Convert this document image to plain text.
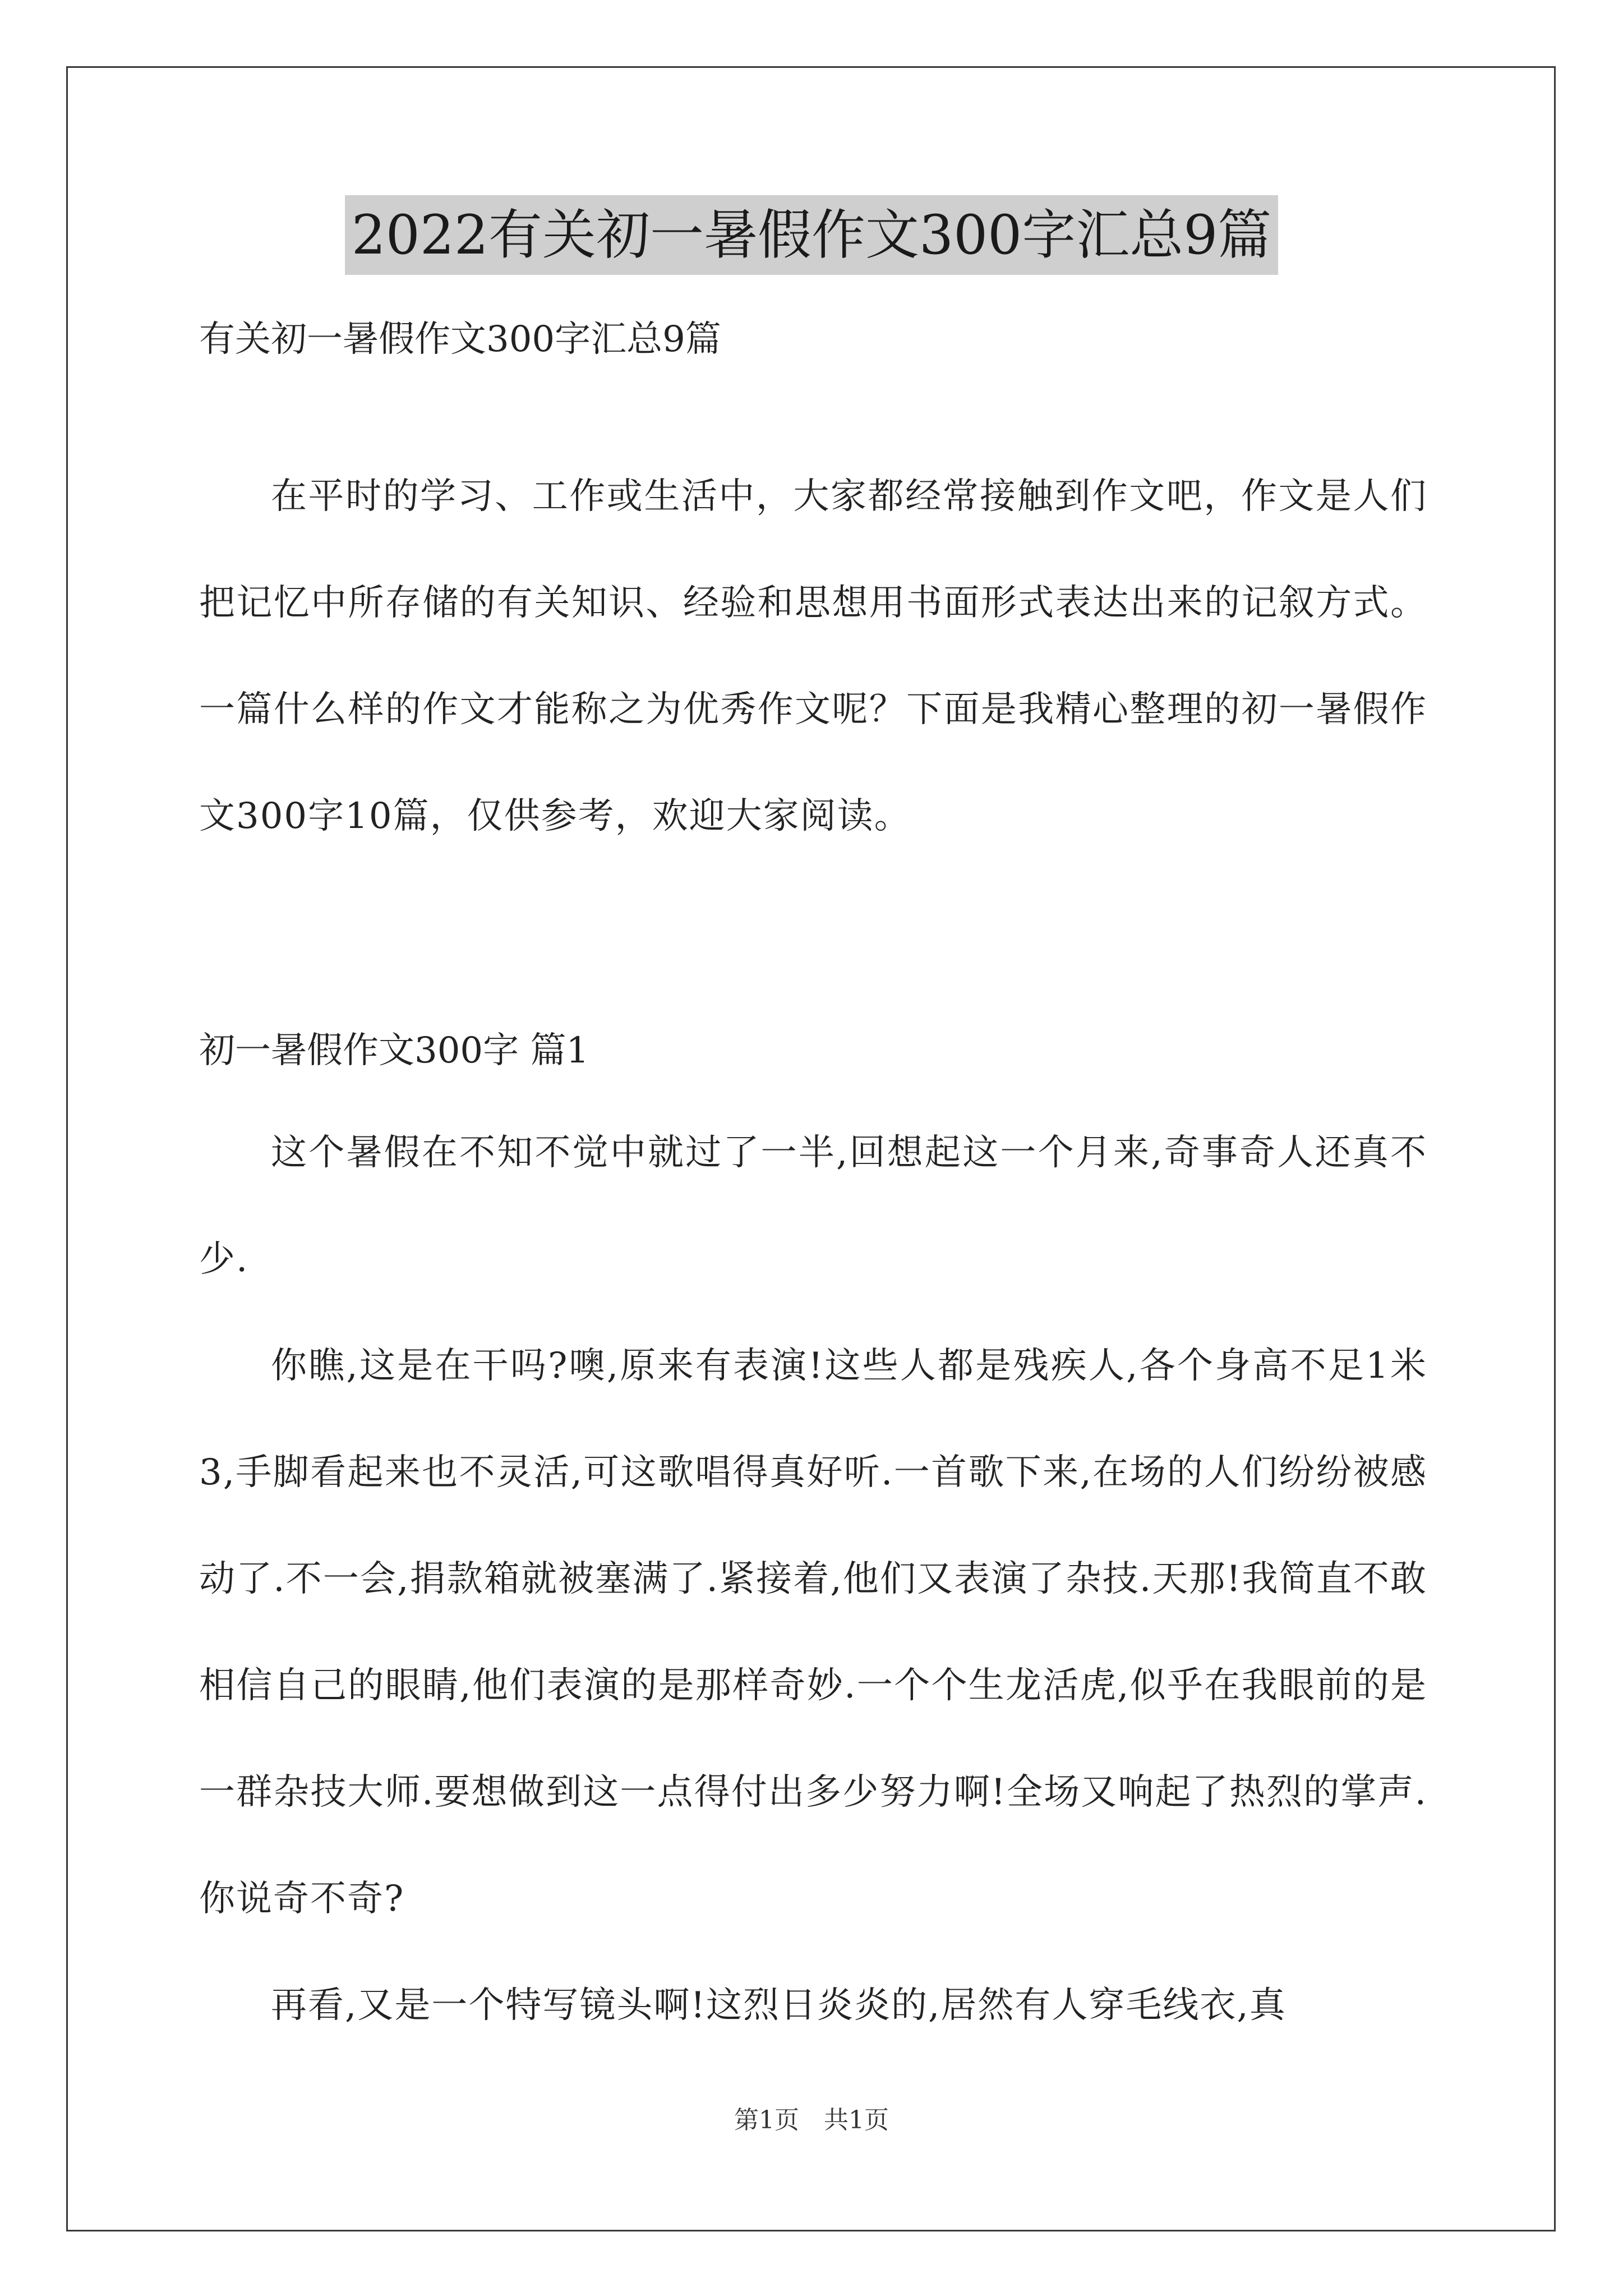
2022有关初一暑假作文300字汇总9篇
有关初一暑假作文300字汇总9篇

在平时的学习、工作或生活中，大家都经常接触到作文吧，作文是人们把记忆中所存储的有关知识、经验和思想用书面形式表达出来的记叙方式。一篇什么样的作文才能称之为优秀作文呢？下面是我精心整理的初一暑假作文300字10篇，仅供参考，欢迎大家阅读。

初一暑假作文300字 篇1

这个暑假在不知不觉中就过了一半,回想起这一个月来,奇事奇人还真不少.

你瞧,这是在干吗?噢,原来有表演!这些人都是残疾人,各个身高不足1米3,手脚看起来也不灵活,可这歌唱得真好听.一首歌下来,在场的人们纷纷被感动了.不一会,捐款箱就被塞满了.紧接着,他们又表演了杂技.天那!我简直不敢相信自己的眼睛,他们表演的是那样奇妙.一个个生龙活虎,似乎在我眼前的是一群杂技大师.要想做到这一点得付出多少努力啊!全场又响起了热烈的掌声.你说奇不奇?

再看,又是一个特写镜头啊!这烈日炎炎的,居然有人穿毛线衣,真

第1页　共1页
